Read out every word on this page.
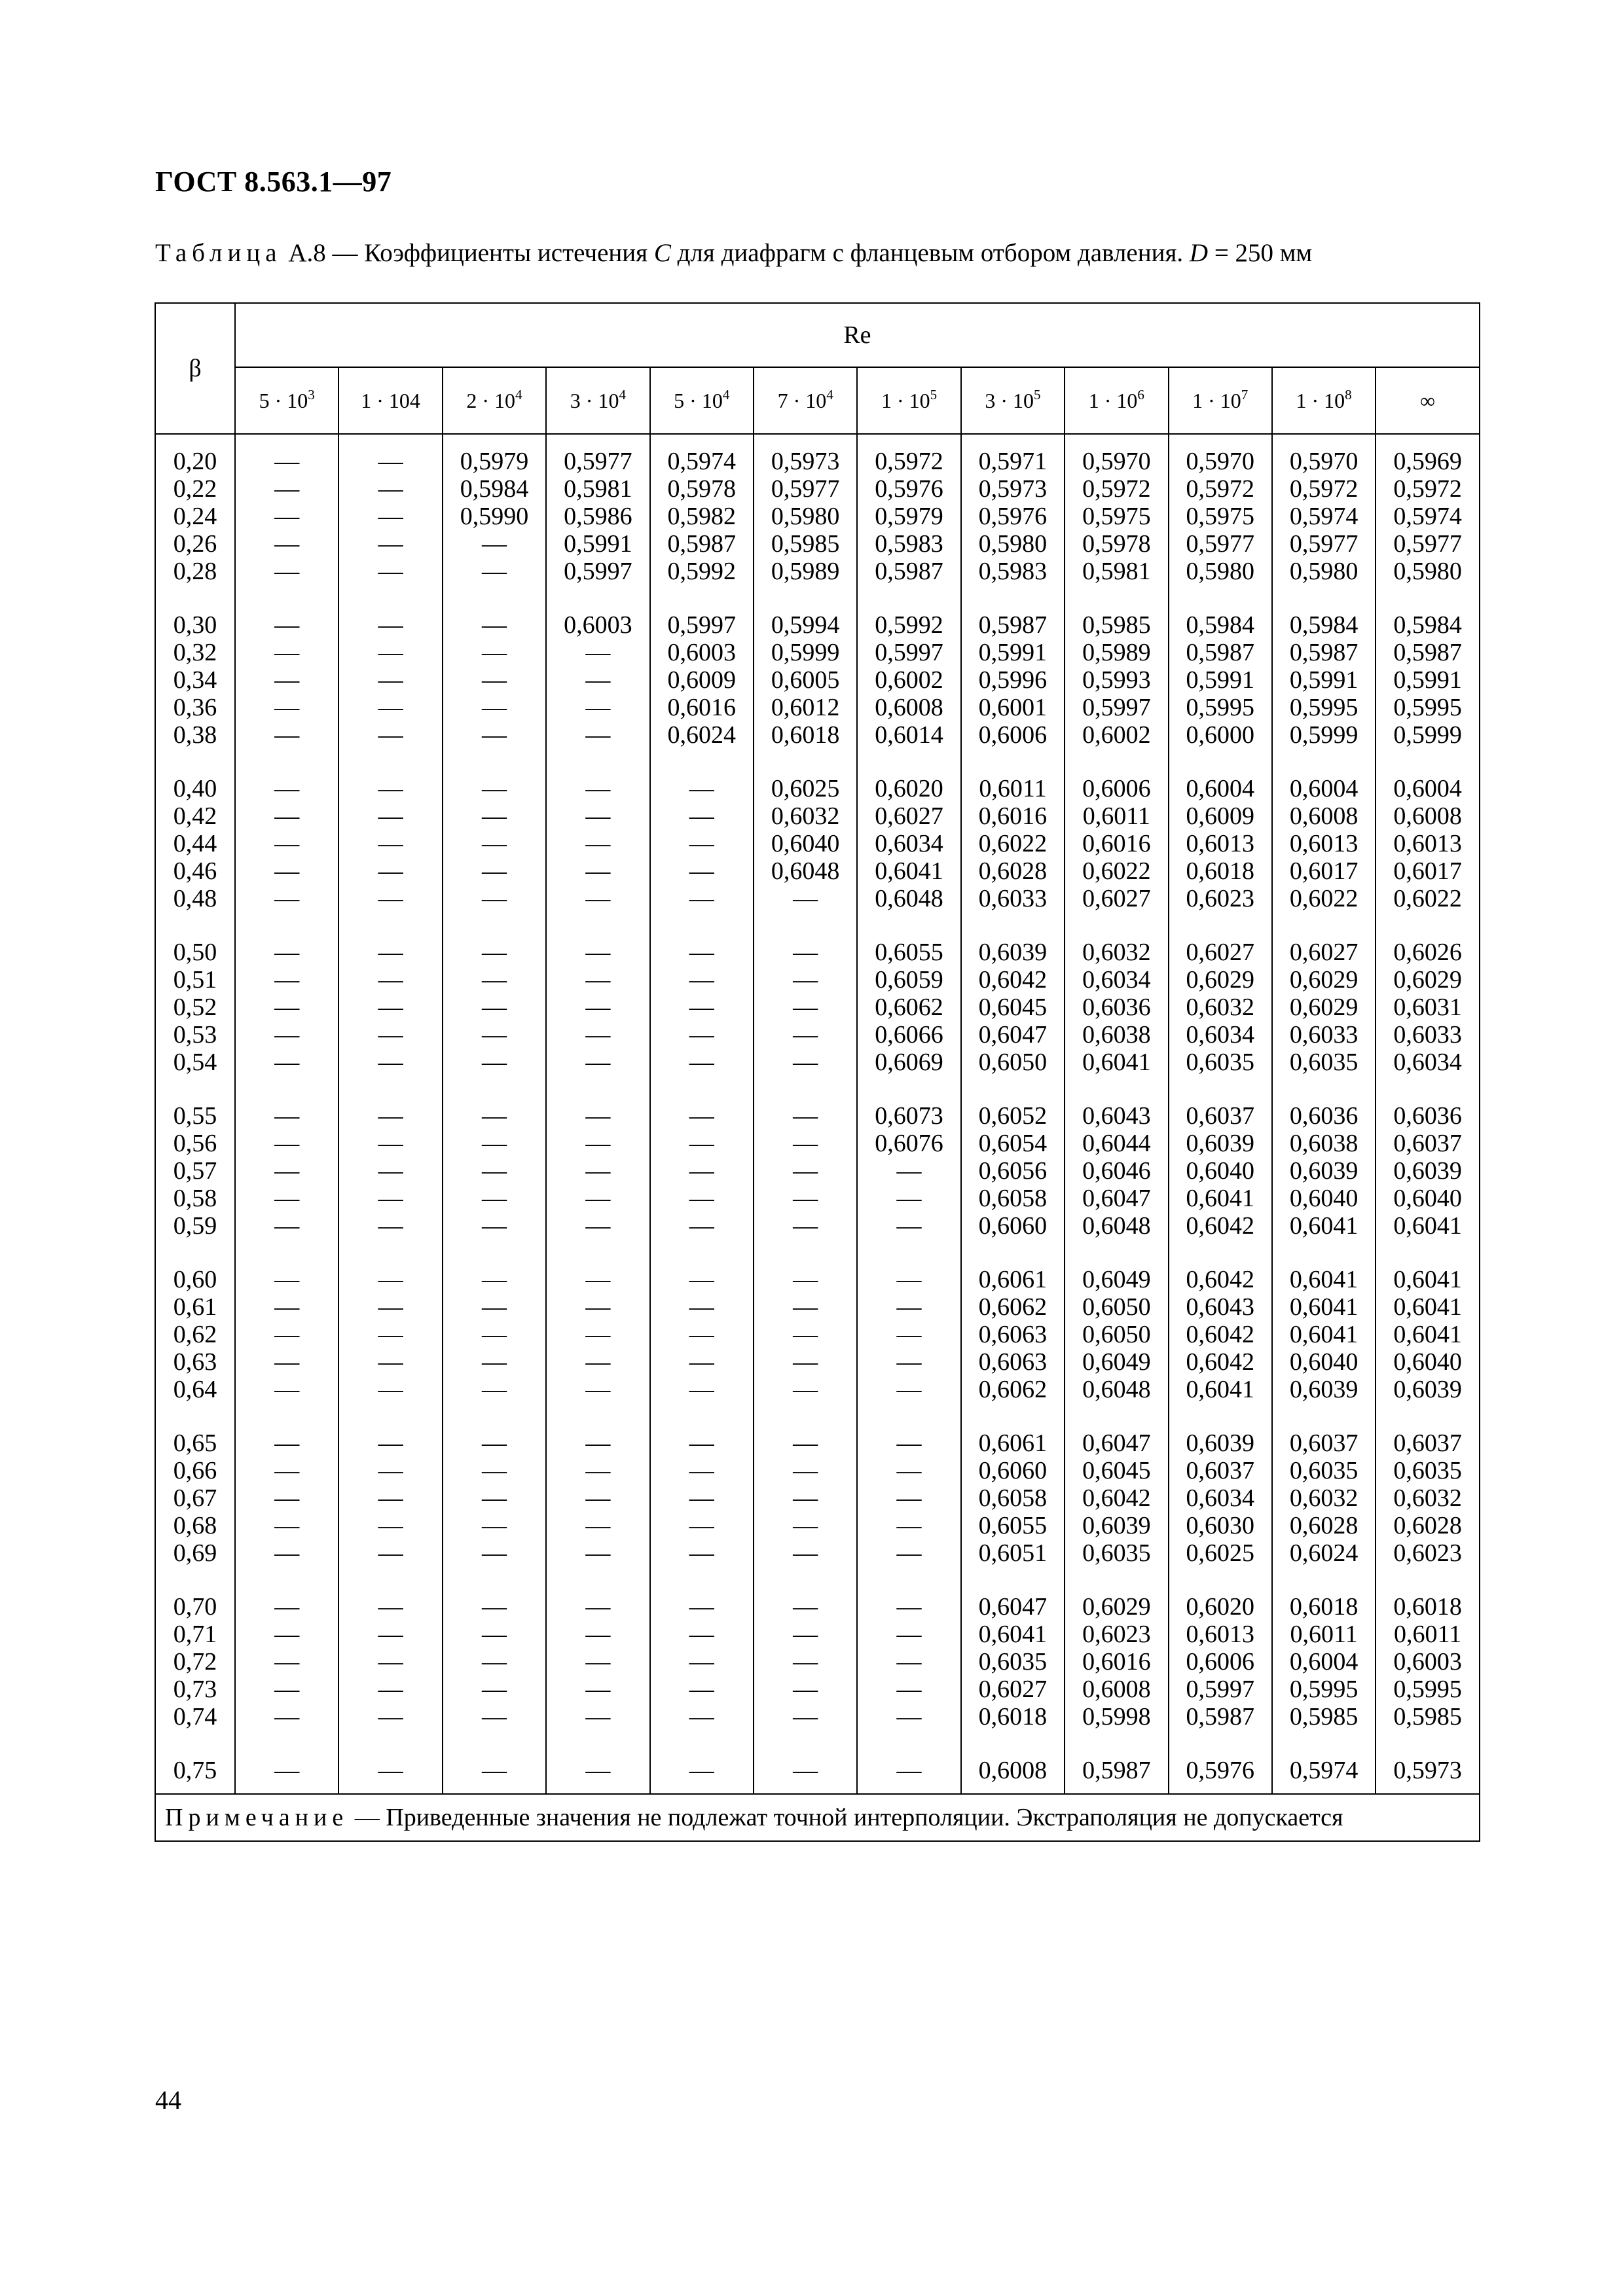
ГОСТ 8.563.1—97
Таблица А.8 — Коэффициенты истечения C для диафрагм с фланцевым отбором давления. D = 250 мм
β	Re											
	$5 \cdot 10^3$	1 · 104	$2 \cdot 10^4$	$3 \cdot 10^4$	$5 \cdot 10^4$	$7 \cdot 10^4$	$1 \cdot 10^5$	$3 \cdot 10^5$	$1 \cdot 10^6$	$1 \cdot 10^7$	$1 \cdot 10^8$	∞
0,20	—	—	0,5979	0,5977	0,5974	0,5973	0,5972	0,5971	0,5970	0,5970	0,5970	0,5969
0,22	—	—	0,5984	0,5981	0,5978	0,5977	0,5976	0,5973	0,5972	0,5972	0,5972	0,5972
0,24	—	—	0,5990	0,5986	0,5982	0,5980	0,5979	0,5976	0,5975	0,5975	0,5974	0,5974
0,26	—	—	—	0,5991	0,5987	0,5985	0,5983	0,5980	0,5978	0,5977	0,5977	0,5977
0,28	—	—	—	0,5997	0,5992	0,5989	0,5987	0,5983	0,5981	0,5980	0,5980	0,5980
0,30	—	—	—	0,6003	0,5997	0,5994	0,5992	0,5987	0,5985	0,5984	0,5984	0,5984
0,32	—	—	—	—	0,6003	0,5999	0,5997	0,5991	0,5989	0,5987	0,5987	0,5987
0,34	—	—	—	—	0,6009	0,6005	0,6002	0,5996	0,5993	0,5991	0,5991	0,5991
0,36	—	—	—	—	0,6016	0,6012	0,6008	0,6001	0,5997	0,5995	0,5995	0,5995
0,38	—	—	—	—	0,6024	0,6018	0,6014	0,6006	0,6002	0,6000	0,5999	0,5999
0,40	—	—	—	—	—	0,6025	0,6020	0,6011	0,6006	0,6004	0,6004	0,6004
0,42	—	—	—	—	—	0,6032	0,6027	0,6016	0,6011	0,6009	0,6008	0,6008
0,44	—	—	—	—	—	0,6040	0,6034	0,6022	0,6016	0,6013	0,6013	0,6013
0,46	—	—	—	—	—	0,6048	0,6041	0,6028	0,6022	0,6018	0,6017	0,6017
0,48	—	—	—	—	—	—	0,6048	0,6033	0,6027	0,6023	0,6022	0,6022
0,50	—	—	—	—	—	—	0,6055	0,6039	0,6032	0,6027	0,6027	0,6026
0,51	—	—	—	—	—	—	0,6059	0,6042	0,6034	0,6029	0,6029	0,6029
0,52	—	—	—	—	—	—	0,6062	0,6045	0,6036	0,6032	0,6029	0,6031
0,53	—	—	—	—	—	—	0,6066	0,6047	0,6038	0,6034	0,6033	0,6033
0,54	—	—	—	—	—	—	0,6069	0,6050	0,6041	0,6035	0,6035	0,6034
0,55	—	—	—	—	—	—	0,6073	0,6052	0,6043	0,6037	0,6036	0,6036
0,56	—	—	—	—	—	—	0,6076	0,6054	0,6044	0,6039	0,6038	0,6037
0,57	—	—	—	—	—	—	—	0,6056	0,6046	0,6040	0,6039	0,6039
0,58	—	—	—	—	—	—	—	0,6058	0,6047	0,6041	0,6040	0,6040
0,59	—	—	—	—	—	—	—	0,6060	0,6048	0,6042	0,6041	0,6041
0,60	—	—	—	—	—	—	—	0,6061	0,6049	0,6042	0,6041	0,6041
0,61	—	—	—	—	—	—	—	0,6062	0,6050	0,6043	0,6041	0,6041
0,62	—	—	—	—	—	—	—	0,6063	0,6050	0,6042	0,6041	0,6041
0,63	—	—	—	—	—	—	—	0,6063	0,6049	0,6042	0,6040	0,6040
0,64	—	—	—	—	—	—	—	0,6062	0,6048	0,6041	0,6039	0,6039
0,65	—	—	—	—	—	—	—	0,6061	0,6047	0,6039	0,6037	0,6037
0,66	—	—	—	—	—	—	—	0,6060	0,6045	0,6037	0,6035	0,6035
0,67	—	—	—	—	—	—	—	0,6058	0,6042	0,6034	0,6032	0,6032
0,68	—	—	—	—	—	—	—	0,6055	0,6039	0,6030	0,6028	0,6028
0,69	—	—	—	—	—	—	—	0,6051	0,6035	0,6025	0,6024	0,6023
0,70	—	—	—	—	—	—	—	0,6047	0,6029	0,6020	0,6018	0,6018
0,71	—	—	—	—	—	—	—	0,6041	0,6023	0,6013	0,6011	0,6011
0,72	—	—	—	—	—	—	—	0,6035	0,6016	0,6006	0,6004	0,6003
0,73	—	—	—	—	—	—	—	0,6027	0,6008	0,5997	0,5995	0,5995
0,74	—	—	—	—	—	—	—	0,6018	0,5998	0,5987	0,5985	0,5985
0,75	—	—	—	—	—	—	—	0,6008	0,5987	0,5976	0,5974	0,5973
Примечание — Приведенные значения не подлежат точной интерполяции. Экстраполяция не допускается												
44
